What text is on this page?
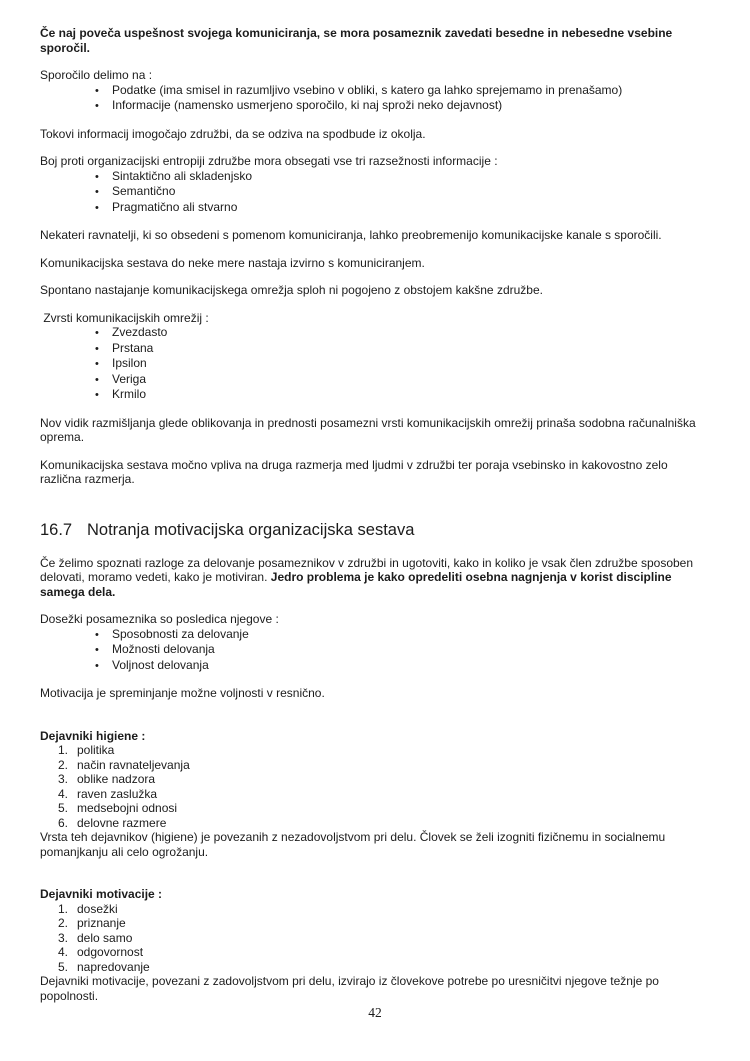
Če naj poveča uspešnost svojega komuniciranja, se mora posameznik zavedati besedne in nebesedne vsebine sporočil.

Sporočilo delimo na :

•	Podatke (ima smisel in razumljivo vsebino v obliki, s katero ga lahko sprejemamo in prenašamo)
•	Informacije (namensko usmerjeno sporočilo, ki naj sproži neko dejavnost)

Tokovi informacij imogočajo združbi, da se odziva na spodbude iz okolja.

Boj proti organizacijski entropiji združbe mora obsegati vse tri razsežnosti informacije :

•	Sintaktično ali skladenjsko
•	Semantično
•	Pragmatično ali stvarno

Nekateri ravnatelji, ki so obsedeni s pomenom komuniciranja, lahko preobremenijo komunikacijske kanale s sporočili.

Komunikacijska sestava do neke mere nastaja izvirno s komuniciranjem.

Spontano nastajanje komunikacijskega omrežja sploh ni pogojeno z obstojem kakšne združbe.

Zvrsti komunikacijskih omrežij :

•	Zvezdasto
•	Prstana
•	Ipsilon
•	Veriga
•	Krmilo

Nov vidik razmišljanja glede oblikovanja in prednosti posamezni vrsti komunikacijskih omrežij prinaša sodobna računalniška oprema.

Komunikacijska sestava močno vpliva na druga razmerja med ljudmi v združbi ter poraja vsebinsko in kakovostno zelo različna razmerja.

16.7 Notranja motivacijska organizacijska sestava

Če želimo spoznati razloge za delovanje posameznikov v združbi in ugotoviti, kako in koliko je vsak člen združbe sposoben delovati, moramo vedeti, kako je motiviran. Jedro problema je kako opredeliti osebna nagnjenja v korist discipline samega dela.

Dosežki posameznika so posledica njegove :

•	Sposobnosti za delovanje
•	Možnosti delovanja
•	Voljnost delovanja

Motivacija je spreminjanje možne voljnosti v resnično.

Dejavniki higiene :

1. politika
2. način ravnateljevanja
3. oblike nadzora
4. raven zaslužka
5. medsebojni odnosi
6. delovne razmere

Vrsta teh dejavnikov (higiene) je povezanih z nezadovoljstvom pri delu. Človek se želi izogniti fizičnemu in socialnemu pomanjkanju ali celo ogrožanju.

Dejavniki motivacije :

1. dosežki
2. priznanje
3. delo samo
4. odgovornost
5. napredovanje

Dejavniki motivacije, povezani z zadovoljstvom pri delu, izvirajo iz človekove potrebe po uresničitvi njegove težnje po popolnosti.

42
